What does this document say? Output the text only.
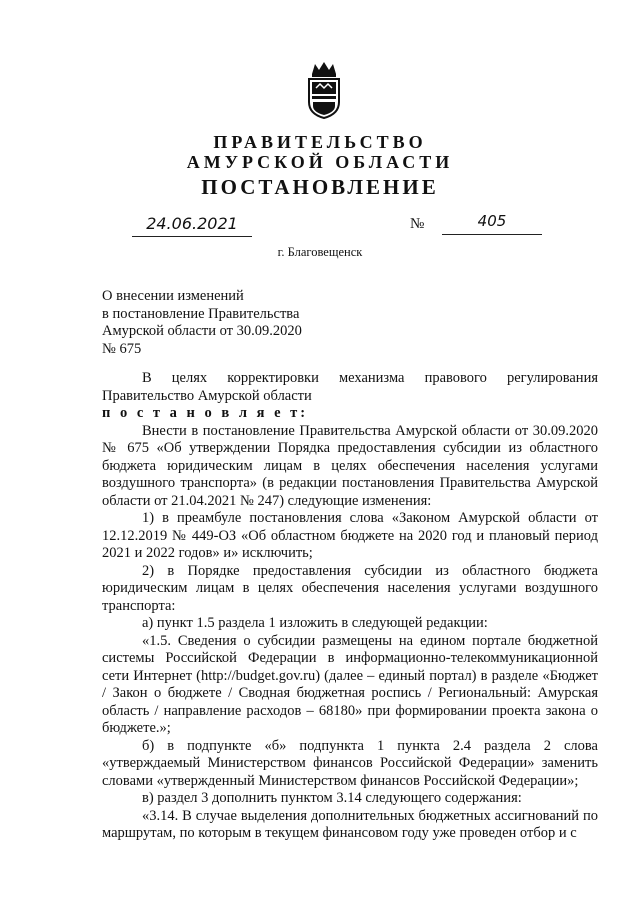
ПРАВИТЕЛЬСТВО
АМУРСКОЙ ОБЛАСТИ
ПОСТАНОВЛЕНИЕ
24.06.2021	№	405
г. Благовещенск
О внесении изменений
в постановление Правительства
Амурской области от 30.09.2020
№ 675

В целях корректировки механизма правового регулирования Правительство Амурской области

п о с т а н о в л я е т:

Внести в постановление Правительства Амурской области от 30.09.2020 № 675 «Об утверждении Порядка предоставления субсидии из областного бюджета юридическим лицам в целях обеспечения населения услугами воздушного транспорта» (в редакции постановления Правительства Амурской области от 21.04.2021 № 247) следующие изменения:

1) в преамбуле постановления слова «Законом Амурской области от 12.12.2019 № 449-ОЗ «Об областном бюджете на 2020 год и плановый период 2021 и 2022 годов» и» исключить;

2) в Порядке предоставления субсидии из областного бюджета юридическим лицам в целях обеспечения населения услугами воздушного транспорта:

а) пункт 1.5 раздела 1 изложить в следующей редакции:

«1.5. Сведения о субсидии размещены на едином портале бюджетной системы Российской Федерации в информационно-телекоммуникационной сети Интернет (http://budget.gov.ru) (далее – единый портал) в разделе «Бюджет / Закон о бюджете / Сводная бюджетная роспись / Региональный: Амурская область / направление расходов – 68180» при формировании проекта закона о бюджете.»;

б) в подпункте «б» подпункта 1 пункта 2.4 раздела 2 слова «утверждаемый Министерством финансов Российской Федерации» заменить словами «утвержденный Министерством финансов Российской Федерации»;

в) раздел 3 дополнить пунктом 3.14 следующего содержания:

«3.14. В случае выделения дополнительных бюджетных ассигнований по маршрутам, по которым в текущем финансовом году уже проведен отбор и с
